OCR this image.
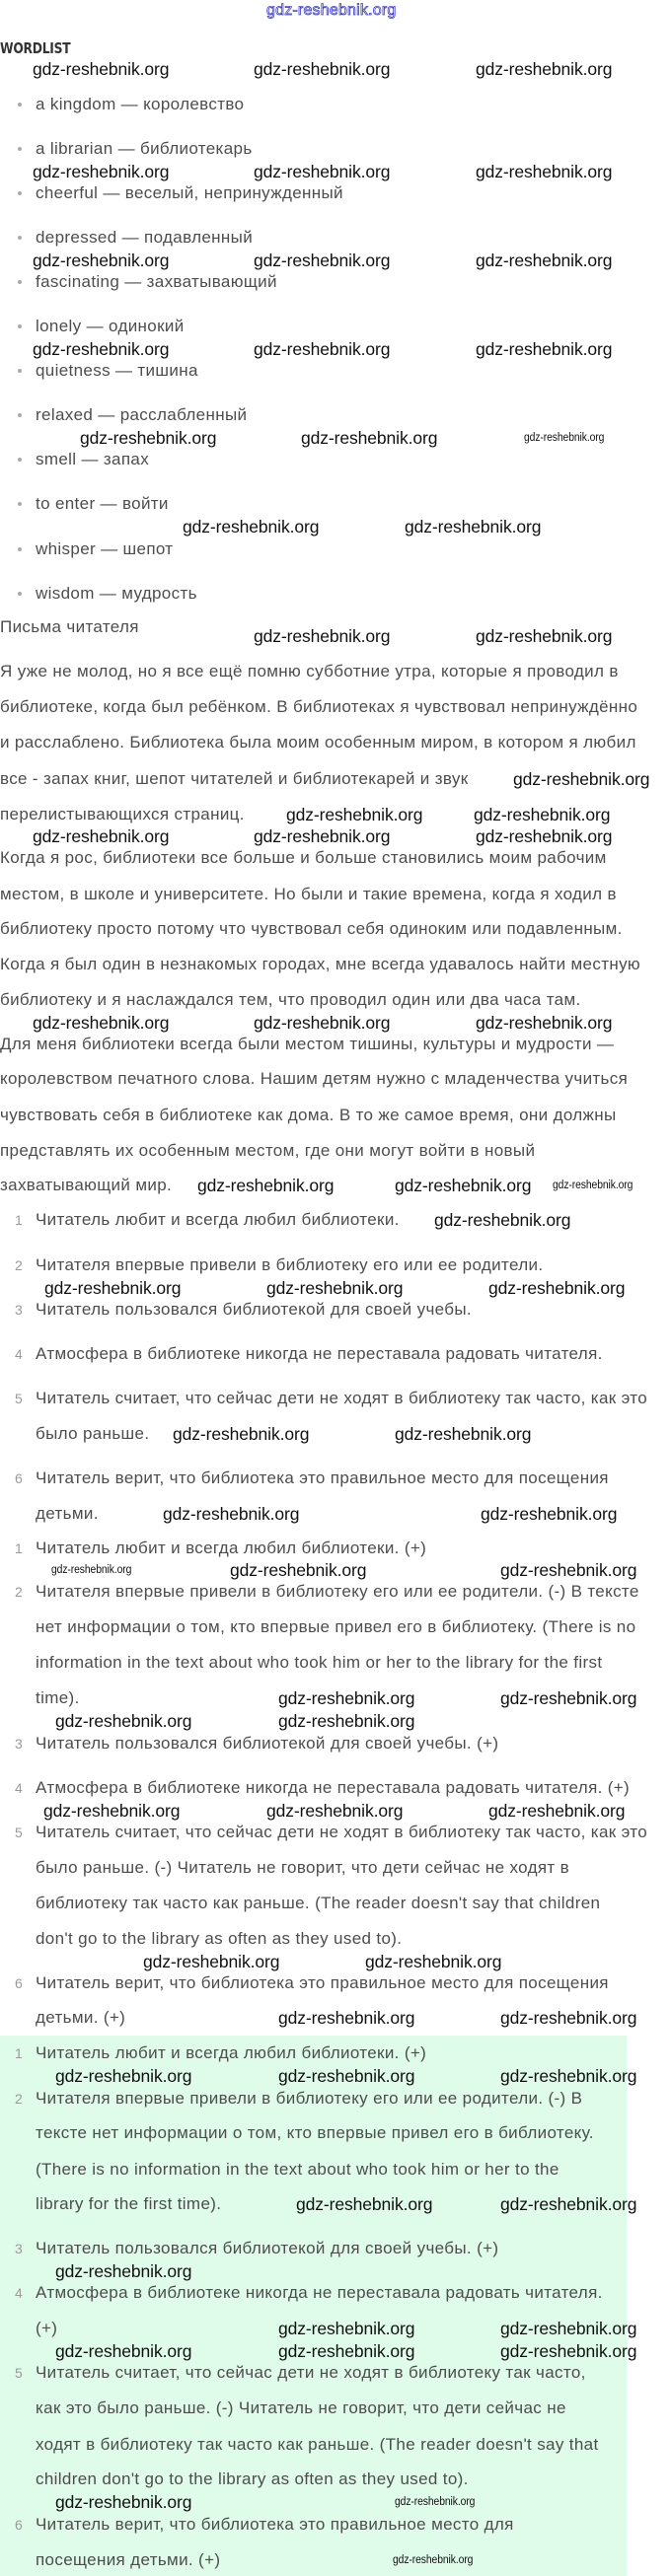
gdz-reshebnik.org
WORDLIST
Письма читателя
a kingdom — королевство
a librarian — библиотекарь
cheerful — веселый, непринужденный
depressed — подавленный
fascinating — захватывающий
lonely — одинокий
quietness — тишина
relaxed — расслабленный
smell — запах
to enter — войти
whisper — шепот
wisdom — мудрость
Я уже не молод, но я все ещё помню субботние утра, которые я проводил в
библиотеке, когда был ребёнком. В библиотеках я чувствовал непринуждённо
и расслаблено. Библиотека была моим особенным миром, в котором я любил
все - запах книг, шепот читателей и библиотекарей и звук
перелистывающихся страниц.
Когда я рос, библиотеки все больше и больше становились моим рабочим
местом, в школе и университете. Но были и такие времена, когда я ходил в
библиотеку просто потому что чувствовал себя одиноким или подавленным.
Когда я был один в незнакомых городах, мне всегда удавалось найти местную
библиотеку и я наслаждался тем, что проводил один или два часа там.
Для меня библиотеки всегда были местом тишины, культуры и мудрости —
королевством печатного слова. Нашим детям нужно с младенчества учиться
чувствовать себя в библиотеке как дома. В то же самое время, они должны
представлять их особенным местом, где они могут войти в новый
захватывающий мир.
1 Читатель любит и всегда любил библиотеки.
2 Читателя впервые привели в библиотеку его или ее родители.
3 Читатель пользовался библиотекой для своей учебы.
4 Атмосфера в библиотеке никогда не переставала радовать читателя.
5 Читатель считает, что сейчас дети не ходят в библиотеку так часто, как это
было раньше.
6 Читатель верит, что библиотека это правильное место для посещения
детьми.
1 Читатель любит и всегда любил библиотеки. (+)
2 Читателя впервые привели в библиотеку его или ее родители. (-) В тексте
нет информации о том, кто впервые привел его в библиотеку. (There is no
information in the text about who took him or her to the library for the first
time).
3 Читатель пользовался библиотекой для своей учебы. (+)
4 Атмосфера в библиотеке никогда не переставала радовать читателя. (+)
5 Читатель считает, что сейчас дети не ходят в библиотеку так часто, как это
было раньше. (-) Читатель не говорит, что дети сейчас не ходят в
библиотеку так часто как раньше. (The reader doesn't say that children
don't go to the library as often as they used to).
6 Читатель верит, что библиотека это правильное место для посещения
детьми. (+)
1 Читатель любит и всегда любил библиотеки. (+)
2 Читателя впервые привели в библиотеку его или ее родители. (-) В
тексте нет информации о том, кто впервые привел его в библиотеку.
(There is no information in the text about who took him or her to the
library for the first time).
3 Читатель пользовался библиотекой для своей учебы. (+)
4 Атмосфера в библиотеке никогда не переставала радовать читателя.
(+)
5 Читатель считает, что сейчас дети не ходят в библиотеку так часто,
как это было раньше. (-) Читатель не говорит, что дети сейчас не
ходят в библиотеку так часто как раньше. (The reader doesn't say that
children don't go to the library as often as they used to).
6 Читатель верит, что библиотека это правильное место для
посещения детьми. (+)
gdz-reshebnik.org	gdz-reshebnik.org	gdz-reshebnik.org
gdz-reshebnik.org	gdz-reshebnik.org	gdz-reshebnik.org
gdz-reshebnik.org	gdz-reshebnik.org	gdz-reshebnik.org
gdz-reshebnik.org	gdz-reshebnik.org	gdz-reshebnik.org
gdz-reshebnik.org	gdz-reshebnik.org	gdz-reshebnik.org
gdz-reshebnik.org	gdz-reshebnik.org
gdz-reshebnik.org	gdz-reshebnik.org
gdz-reshebnik.org
gdz-reshebnik.org
gdz-reshebnik.org
gdz-reshebnik.org	gdz-reshebnik.org
gdz-reshebnik.org
gdz-reshebnik.org	gdz-reshebnik.org	gdz-reshebnik.org
gdz-reshebnik.org	gdz-reshebnik.org
gdz-reshebnik.org
gdz-reshebnik.org
gdz-reshebnik.org	gdz-reshebnik.org	gdz-reshebnik.org
gdz-reshebnik.org	gdz-reshebnik.org
gdz-reshebnik.org	gdz-reshebnik.org
gdz-reshebnik.org	gdz-reshebnik.org	gdz-reshebnik.org
gdz-reshebnik.org	gdz-reshebnik.org
gdz-reshebnik.org
gdz-reshebnik.org
gdz-reshebnik.org	gdz-reshebnik.org
gdz-reshebnik.org	gdz-reshebnik.org
gdz-reshebnik.org	gdz-reshebnik.org
gdz-reshebnik.org
gdz-reshebnik.org	gdz-reshebnik.org
gdz-reshebnik.org
gdz-reshebnik.org	gdz-reshebnik.org
gdz-reshebnik.org
gdz-reshebnik.org	gdz-reshebnik.org
gdz-reshebnik.org	gdz-reshebnik.org	gdz-reshebnik.org
gdz-reshebnik.org	gdz-reshebnik.org
gdz-reshebnik.org
